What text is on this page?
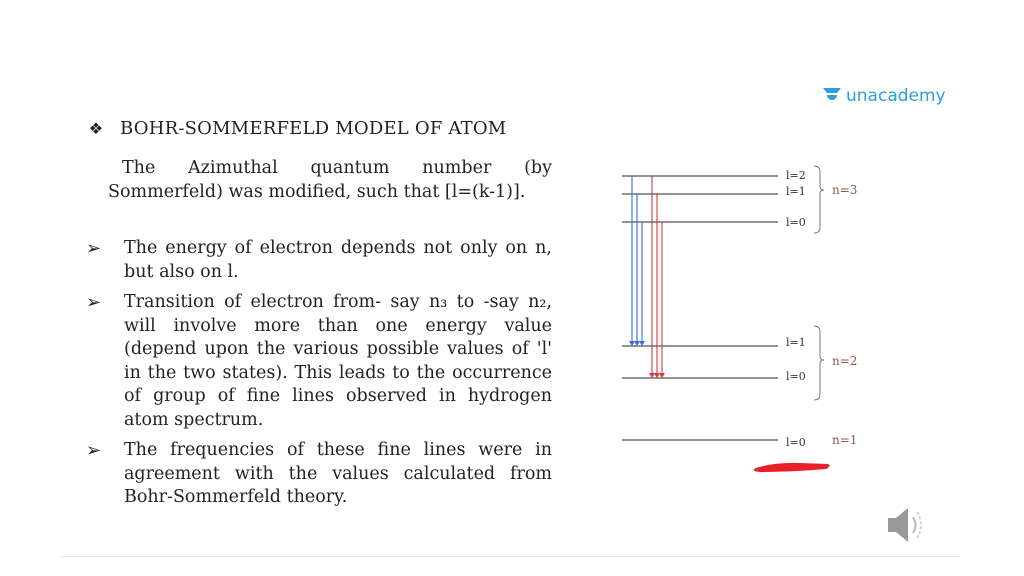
unacademy
❖ BOHR-SOMMERFELD MODEL OF ATOM
The Azimuthal quantum number (by Sommerfeld) was modified, such that [l=(k-1)].
➢ The energy of electron depends not only on n, but also on l.
➢ Transition of electron from- say n₃ to -say n₂, will involve more than one energy value (depend upon the various possible values of 'l' in the two states). This leads to the occurrence of group of fine lines observed in hydrogen atom spectrum.
➢ The frequencies of these fine lines were in agreement with the values calculated from Bohr-Sommerfeld theory.
l=2
l=1
l=0
l=1
l=0
l=0
n=3
n=2
n=1
